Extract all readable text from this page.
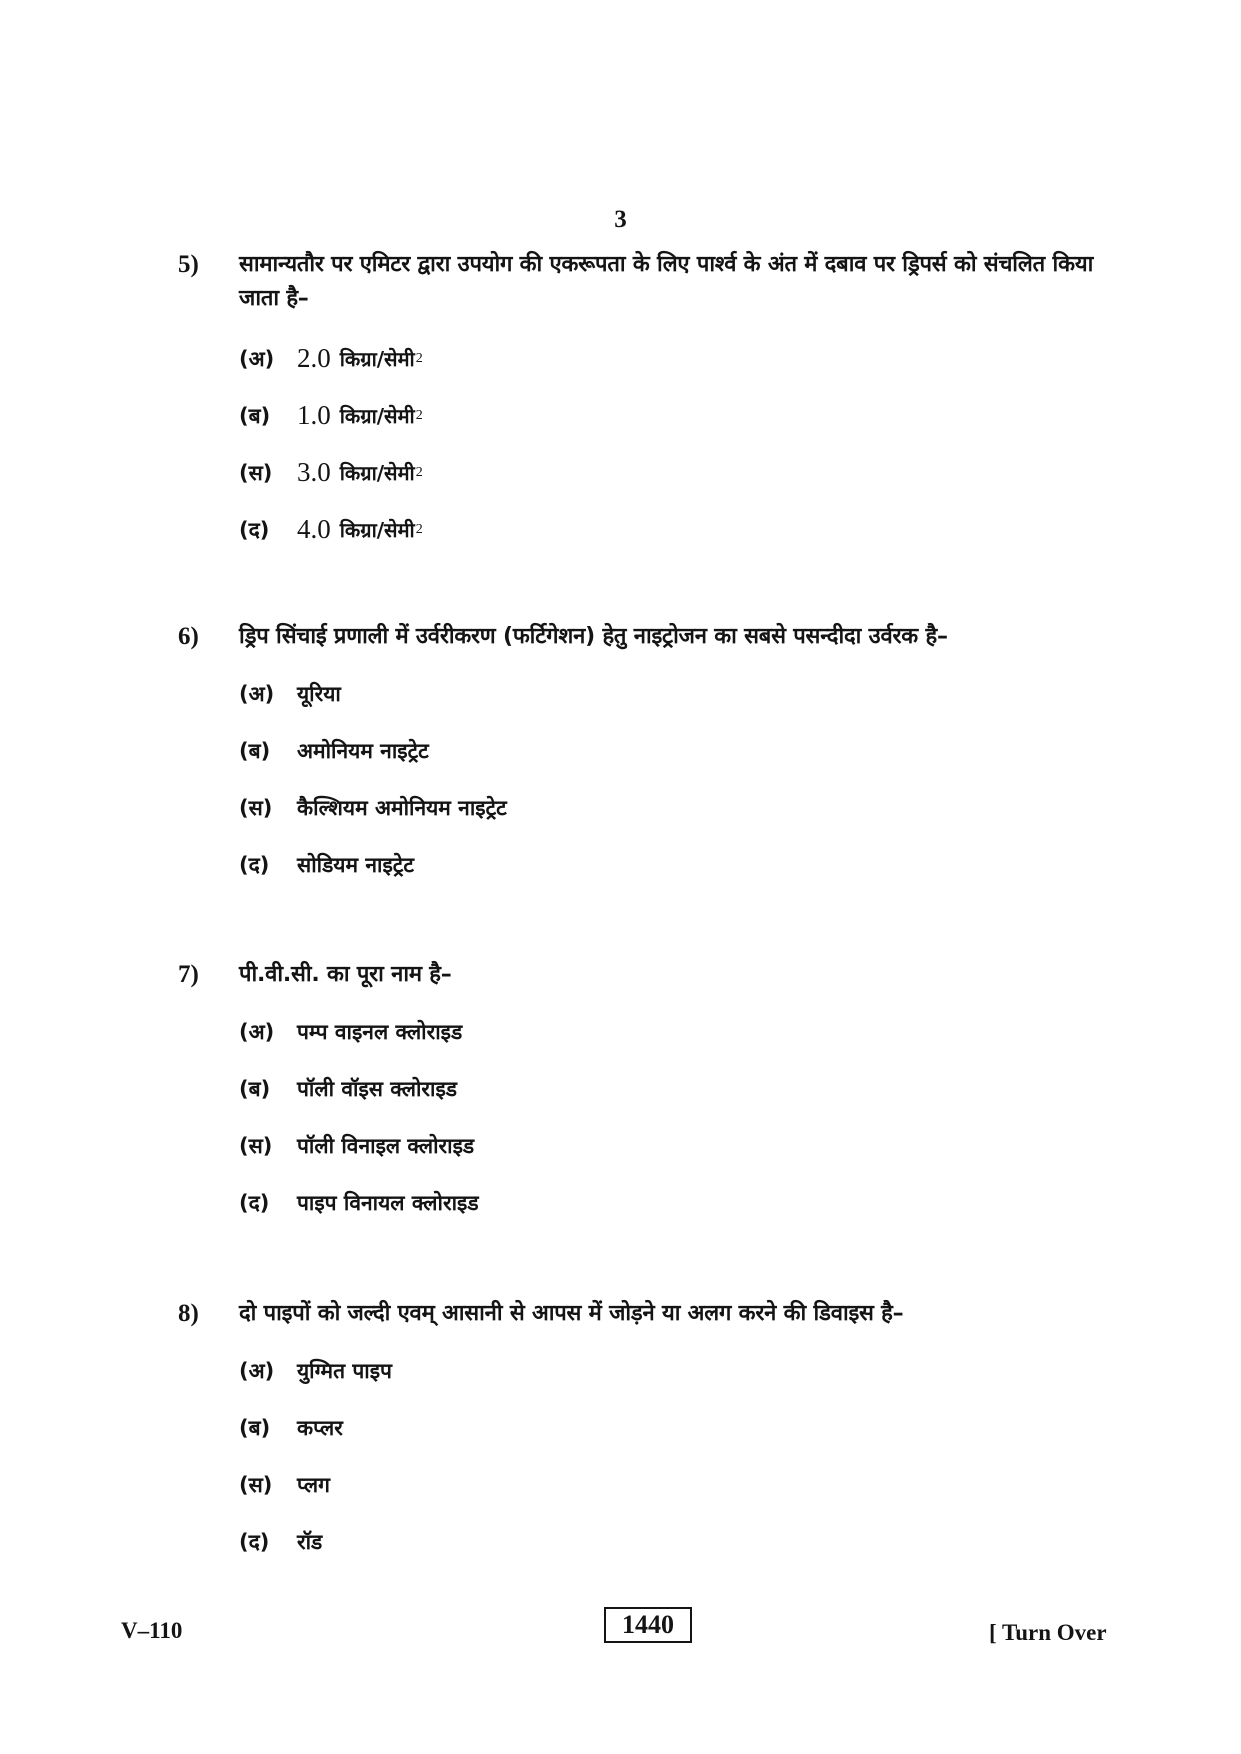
3
5) सामान्यतौर पर एमिटर द्वारा उपयोग की एकरूपता के लिए पार्श्व के अंत में दबाव पर ड्रिपर्स को संचलित किया जाता है–
(अ) 2.0 किग्रा/सेमी 2
(ब) 1.0 किग्रा/सेमी 2
(स) 3.0 किग्रा/सेमी 2
(द)	4.0 किग्रा/सेमी 2
6) ड्रिप सिंचाई प्रणाली में उर्वरीकरण (फर्टिगेशन) हेतु नाइट्रोजन का सबसे पसन्दीदा उर्वरक है–
(अ)	यूरिया
(ब)	अमोनियम नाइट्रेट
(स)	कैल्शियम अमोनियम नाइट्रेट
(द)	सोडियम नाइट्रेट
7) पी.वी.सी. का पूरा नाम है–
(अ)	पम्प वाइनल क्लोराइड
(ब)	पॉली वॉइस क्लोराइड
(स)	पॉली विनाइल क्लोराइड
(द)	पाइप विनायल क्लोराइड
8) दो पाइपों को जल्दी एवम् आसानी से आपस में जोड़ने या अलग करने की डिवाइस है–
(अ)	युग्मित पाइप
(ब)	कप्लर
(स)	प्लग
(द)	रॉड
V–110	1440	[ Turn Over
